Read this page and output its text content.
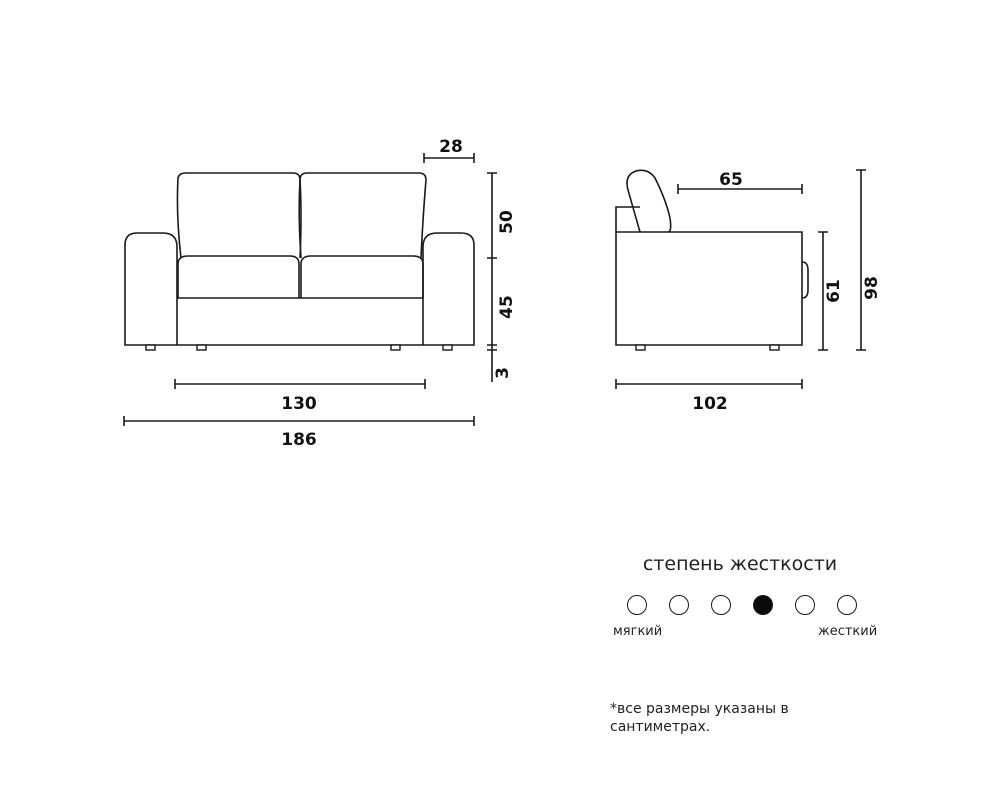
28
50
45
3
130
186
65
61 98
102
степень жесткости
мягкий	жесткий
*все размеры указаны в сантиметрах.
